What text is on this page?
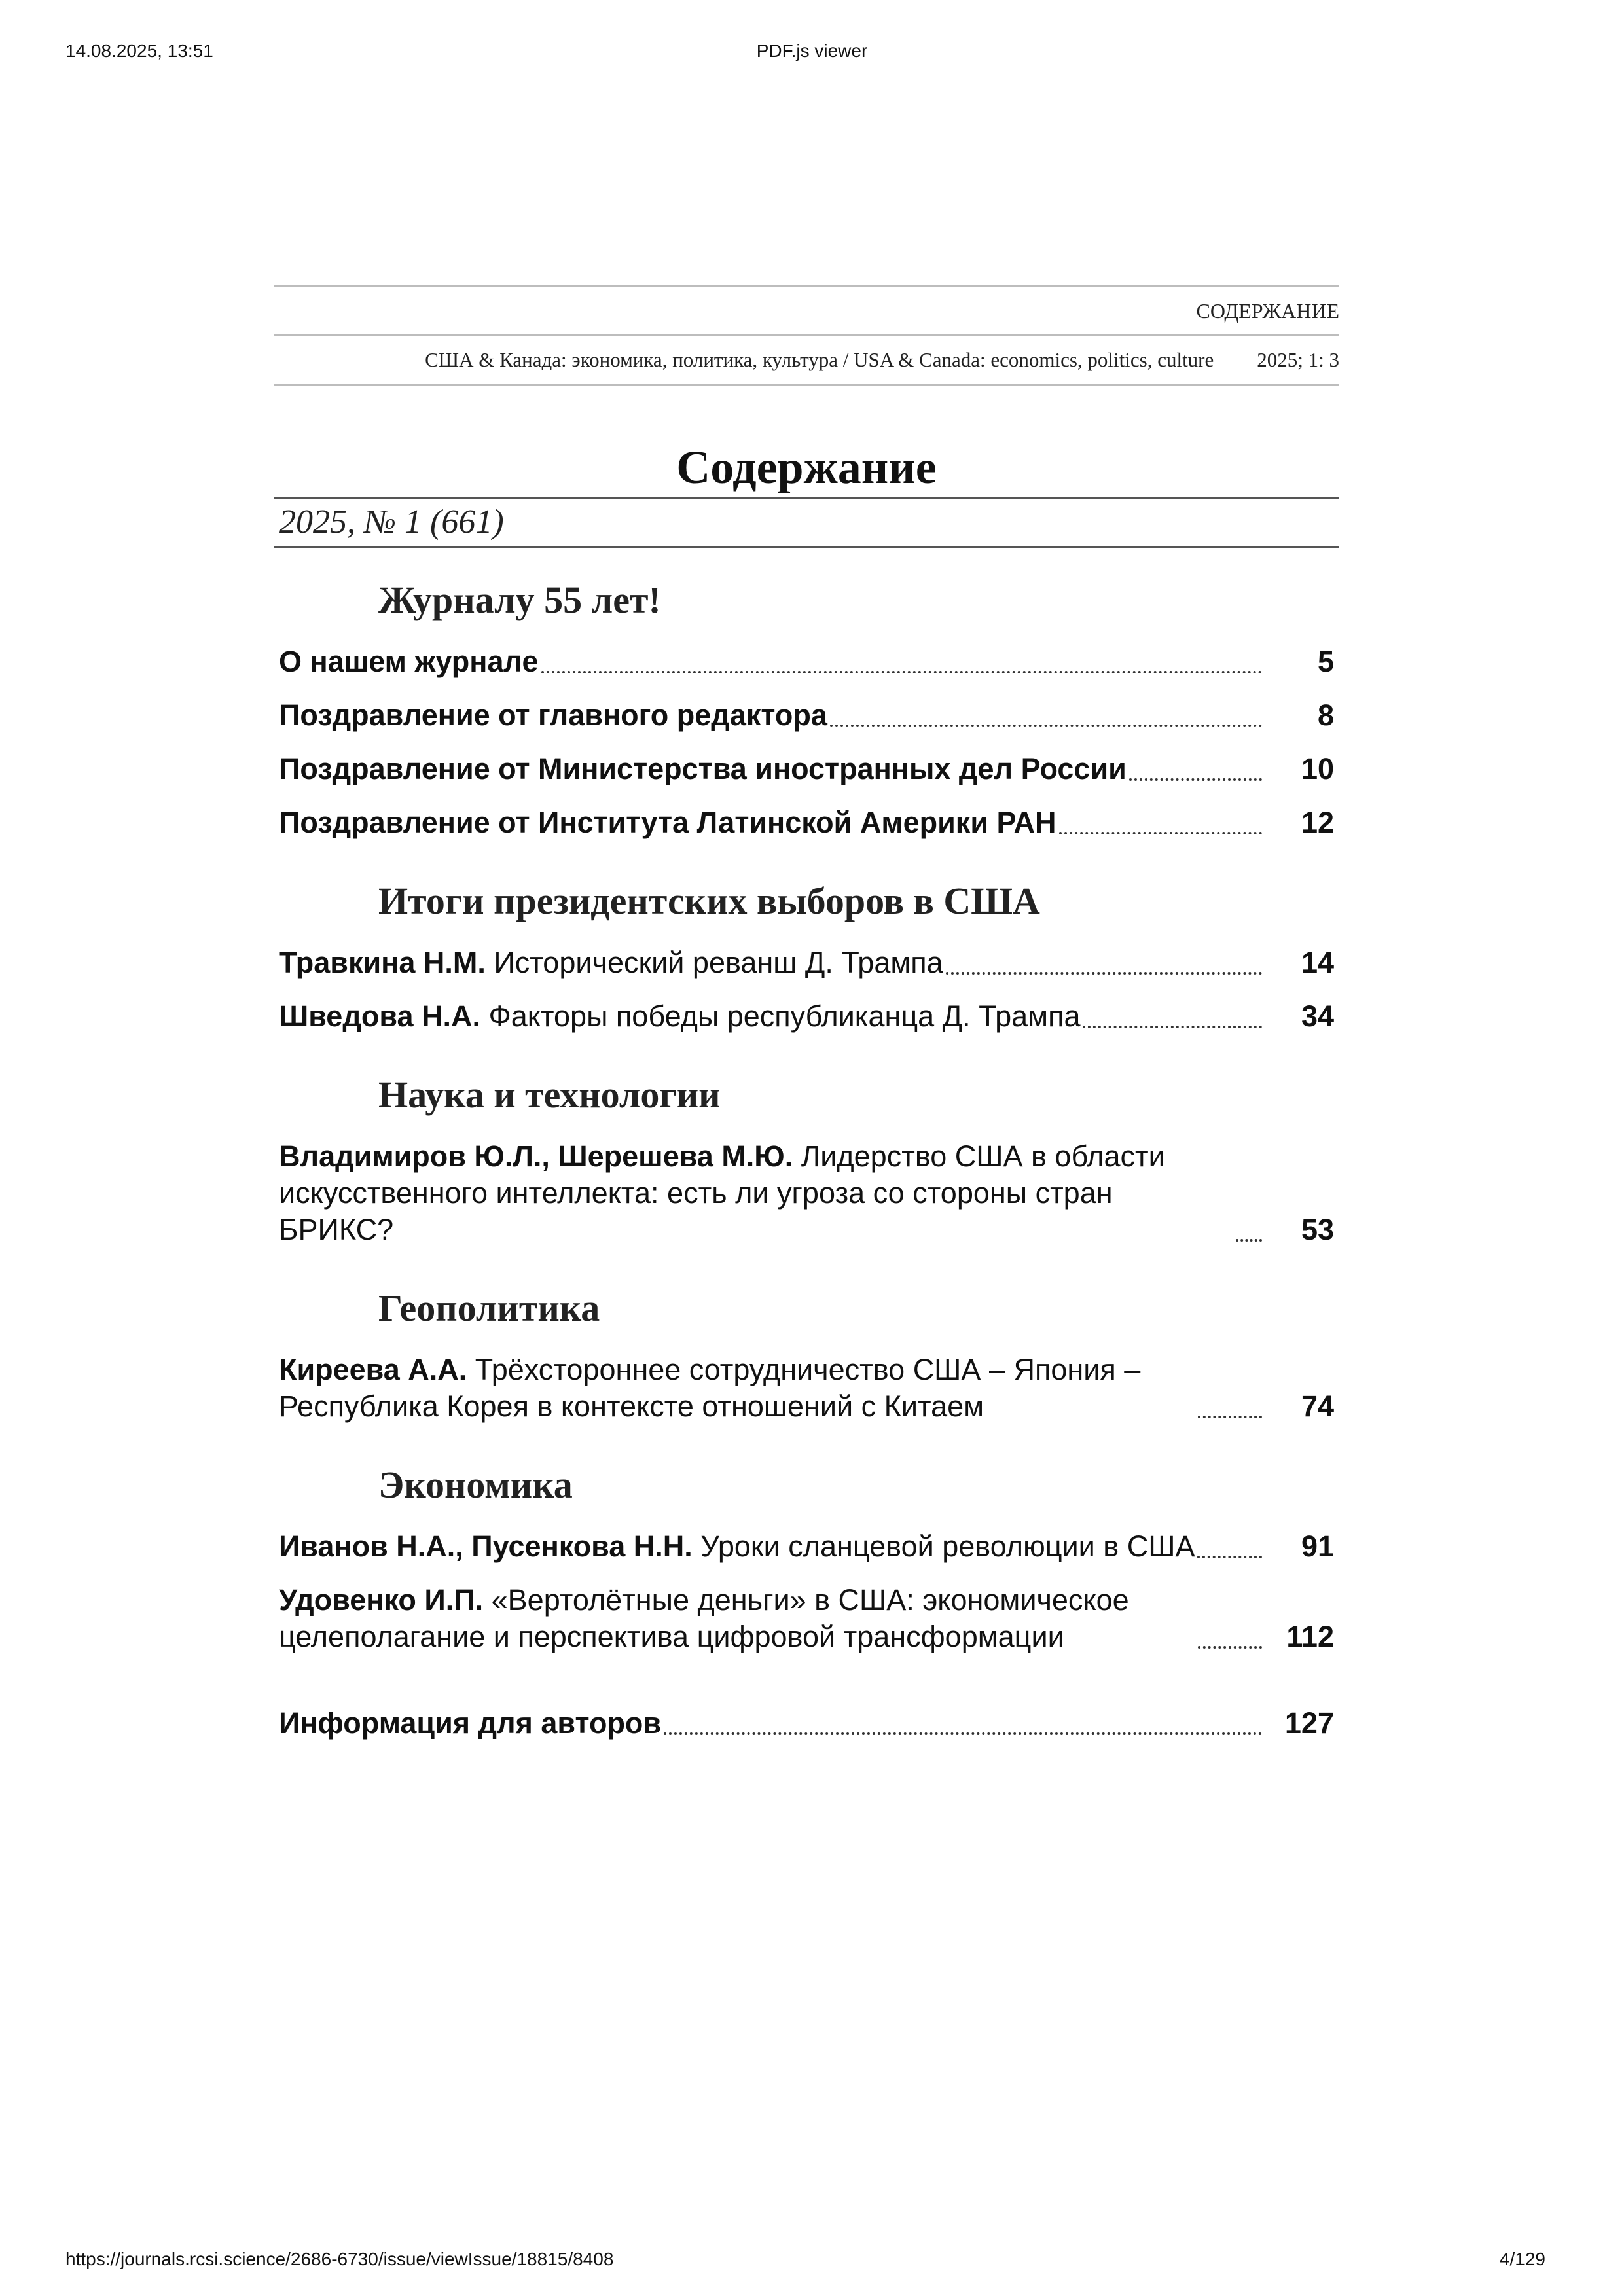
14.08.2025, 13:51	PDF.js viewer
СОДЕРЖАНИЕ
США & Канада: экономика, политика, культура / USA & Canada: economics, politics, culture 2025; 1: 3
Содержание
2025, № 1 (661)
Журналу 55 лет!
О нашем журнале	5
Поздравление от главного редактора	8
Поздравление от Министерства иностранных дел России	10
Поздравление от Института Латинской Америки РАН	12
Итоги президентских выборов в США
Травкина Н.М. Исторический реванш Д. Трампа	14
Шведова Н.А. Факторы победы республиканца Д. Трампа	34
Наука и технологии
Владимиров Ю.Л., Шерешева М.Ю. Лидерство США в области искусственного интеллекта: есть ли угроза со стороны стран БРИКС?	53
Геополитика
Киреева А.А. Трёхстороннее сотрудничество США – Япония – Республика Корея в контексте отношений с Китаем	74
Экономика
Иванов Н.А., Пусенкова Н.Н. Уроки сланцевой революции в США	91
Удовенко И.П. «Вертолётные деньги» в США: экономическое целеполагание и перспектива цифровой трансформации	112
Информация для авторов	127
https://journals.rcsi.science/2686-6730/issue/viewIssue/18815/8408	4/129
